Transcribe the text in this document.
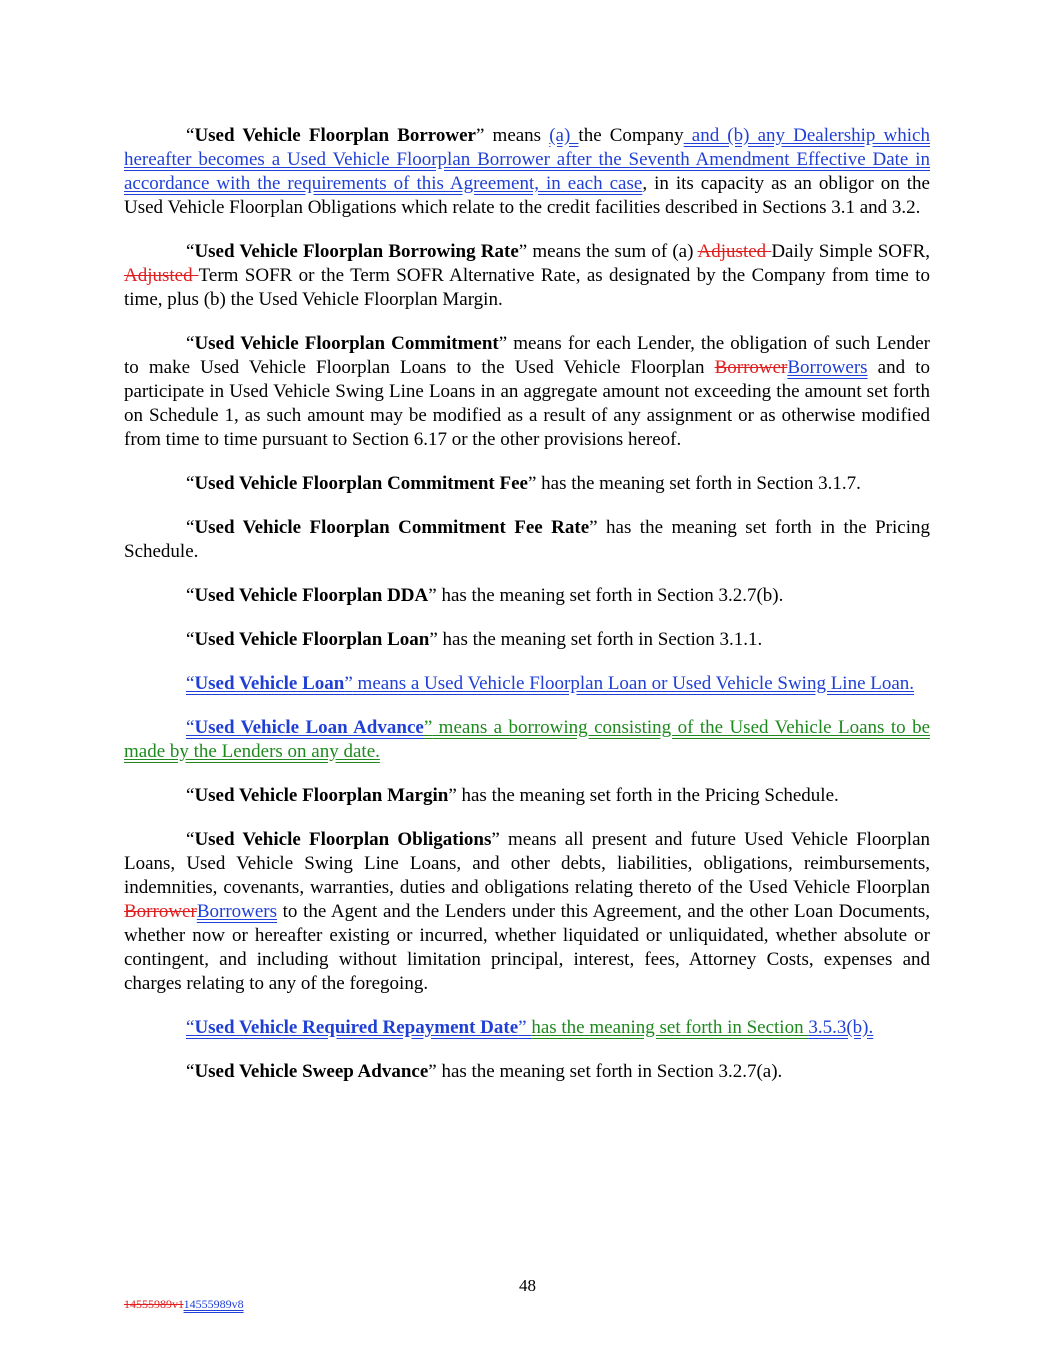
“Used Vehicle Floorplan Borrower” means (a) the Company and (b) any Dealership which hereafter becomes a Used Vehicle Floorplan Borrower after the Seventh Amendment Effective Date in accordance with the requirements of this Agreement, in each case, in its capacity as an obligor on the Used Vehicle Floorplan Obligations which relate to the credit facilities described in Sections 3.1 and 3.2.

“Used Vehicle Floorplan Borrowing Rate” means the sum of (a) Adjusted Daily Simple SOFR, Adjusted Term SOFR or the Term SOFR Alternative Rate, as designated by the Company from time to time, plus (b) the Used Vehicle Floorplan Margin.

“Used Vehicle Floorplan Commitment” means for each Lender, the obligation of such Lender to make Used Vehicle Floorplan Loans to the Used Vehicle Floorplan BorrowerBorrowers and to participate in Used Vehicle Swing Line Loans in an aggregate amount not exceeding the amount set forth on Schedule 1, as such amount may be modified as a result of any assignment or as otherwise modified from time to time pursuant to Section 6.17 or the other provisions hereof.

“Used Vehicle Floorplan Commitment Fee” has the meaning set forth in Section 3.1.7.

“Used Vehicle Floorplan Commitment Fee Rate” has the meaning set forth in the Pricing Schedule.

“Used Vehicle Floorplan DDA” has the meaning set forth in Section 3.2.7(b).

“Used Vehicle Floorplan Loan” has the meaning set forth in Section 3.1.1.

“Used Vehicle Loan” means a Used Vehicle Floorplan Loan or Used Vehicle Swing Line Loan.

“Used Vehicle Loan Advance” means a borrowing consisting of the Used Vehicle Loans to be made by the Lenders on any date.

“Used Vehicle Floorplan Margin” has the meaning set forth in the Pricing Schedule.

“Used Vehicle Floorplan Obligations” means all present and future Used Vehicle Floorplan Loans, Used Vehicle Swing Line Loans, and other debts, liabilities, obligations, reimbursements, indemnities, covenants, warranties, duties and obligations relating thereto of the Used Vehicle Floorplan BorrowerBorrowers to the Agent and the Lenders under this Agreement, and the other Loan Documents, whether now or hereafter existing or incurred, whether liquidated or unliquidated, whether absolute or contingent, and including without limitation principal, interest, fees, Attorney Costs, expenses and charges relating to any of the foregoing.

“Used Vehicle Required Repayment Date” has the meaning set forth in Section 3.5.3(b).

“Used Vehicle Sweep Advance” has the meaning set forth in Section 3.2.7(a).

48
14555989v114555989v8
